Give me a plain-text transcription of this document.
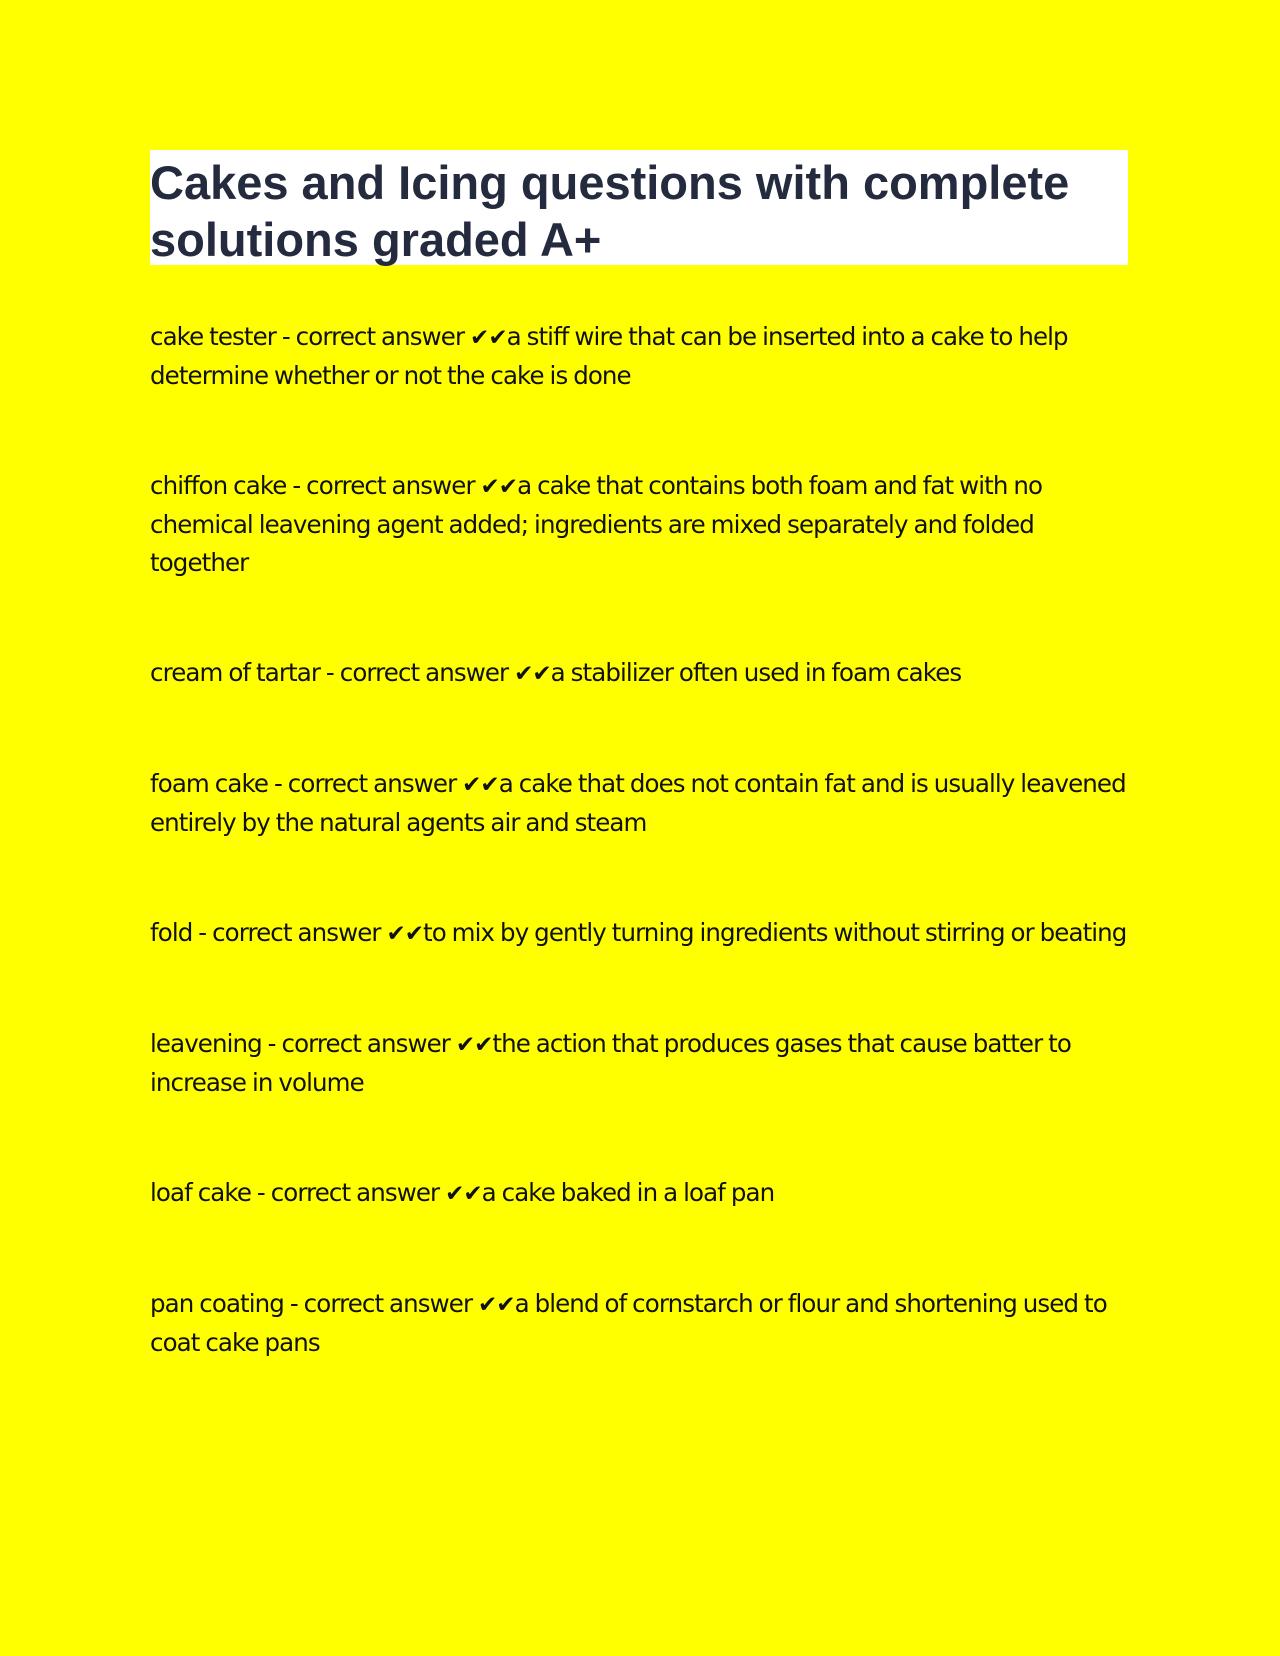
Cakes and Icing questions with complete solutions graded A+

cake tester - correct answer ✔✔a stiff wire that can be inserted into a cake to help determine whether or not the cake is done

chiffon cake - correct answer ✔✔a cake that contains both foam and fat with no chemical leavening agent added; ingredients are mixed separately and folded together

cream of tartar - correct answer ✔✔a stabilizer often used in foam cakes

foam cake - correct answer ✔✔a cake that does not contain fat and is usually leavened entirely by the natural agents air and steam

fold - correct answer ✔✔to mix by gently turning ingredients without stirring or beating

leavening - correct answer ✔✔the action that produces gases that cause batter to increase in volume

loaf cake - correct answer ✔✔a cake baked in a loaf pan

pan coating - correct answer ✔✔a blend of cornstarch or flour and shortening used to coat cake pans
